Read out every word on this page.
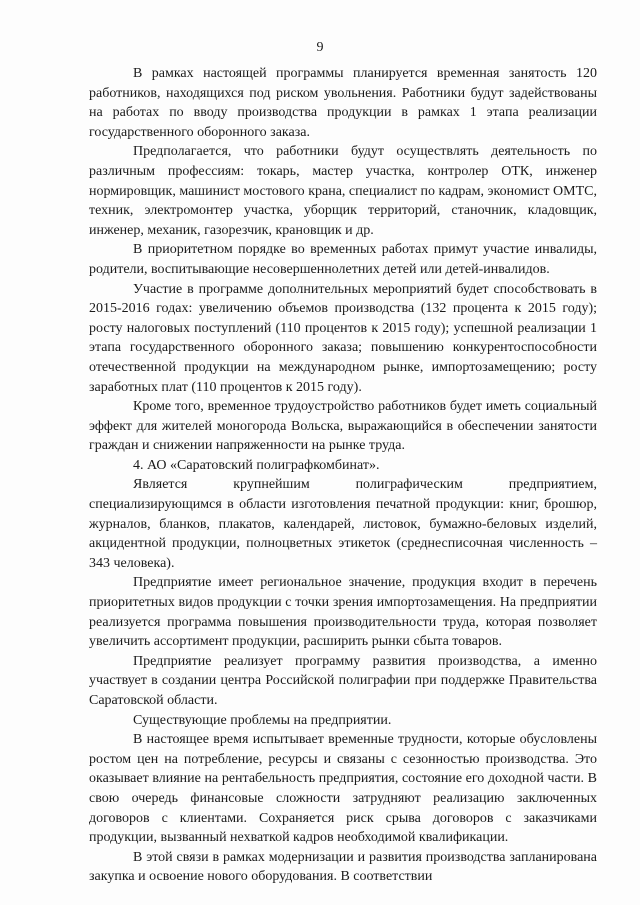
9

В рамках настоящей программы планируется временная занятость 120 работников, находящихся под риском увольнения. Работники будут задействованы на работах по вводу производства продукции в рамках 1 этапа реализации государственного оборонного заказа.

Предполагается, что работники будут осуществлять деятельность по различным профессиям: токарь, мастер участка, контролер ОТК, инженер нормировщик, машинист мостового крана, специалист по кадрам, экономист ОМТС, техник, электромонтер участка, уборщик территорий, станочник, кладовщик, инженер, механик, газорезчик, крановщик и др.

В приоритетном порядке во временных работах примут участие инвалиды, родители, воспитывающие несовершеннолетних детей или детей-инвалидов.

Участие в программе дополнительных мероприятий будет способствовать в 2015-2016 годах: увеличению объемов производства (132 процента к 2015 году); росту налоговых поступлений (110 процентов к 2015 году); успешной реализации 1 этапа государственного оборонного заказа; повышению конкурентоспособности отечественной продукции на международном рынке, импортозамещению; росту заработных плат (110 процентов к 2015 году).

Кроме того, временное трудоустройство работников будет иметь социальный эффект для жителей моногорода Вольска, выражающийся в обеспечении занятости граждан и снижении напряженности на рынке труда.

4. АО «Саратовский полиграфкомбинат».

Является крупнейшим полиграфическим предприятием, специализирующимся в области изготовления печатной продукции: книг, брошюр, журналов, бланков, плакатов, календарей, листовок, бумажно-беловых изделий, акцидентной продукции, полноцветных этикеток (среднесписочная численность – 343 человека).

Предприятие имеет региональное значение, продукция входит в перечень приоритетных видов продукции с точки зрения импортозамещения. На предприятии реализуется программа повышения производительности труда, которая позволяет увеличить ассортимент продукции, расширить рынки сбыта товаров.

Предприятие реализует программу развития производства, а именно участвует в создании центра Российской полиграфии при поддержке Правительства Саратовской области.

Существующие проблемы на предприятии.

В настоящее время испытывает временные трудности, которые обусловлены ростом цен на потребление, ресурсы и связаны с сезонностью производства. Это оказывает влияние на рентабельность предприятия, состояние его доходной части. В свою очередь финансовые сложности затрудняют реализацию заключенных договоров с клиентами. Сохраняется риск срыва договоров с заказчиками продукции, вызванный нехваткой кадров необходимой квалификации.

В этой связи в рамках модернизации и развития производства запланирована закупка и освоение нового оборудования. В соответствии
